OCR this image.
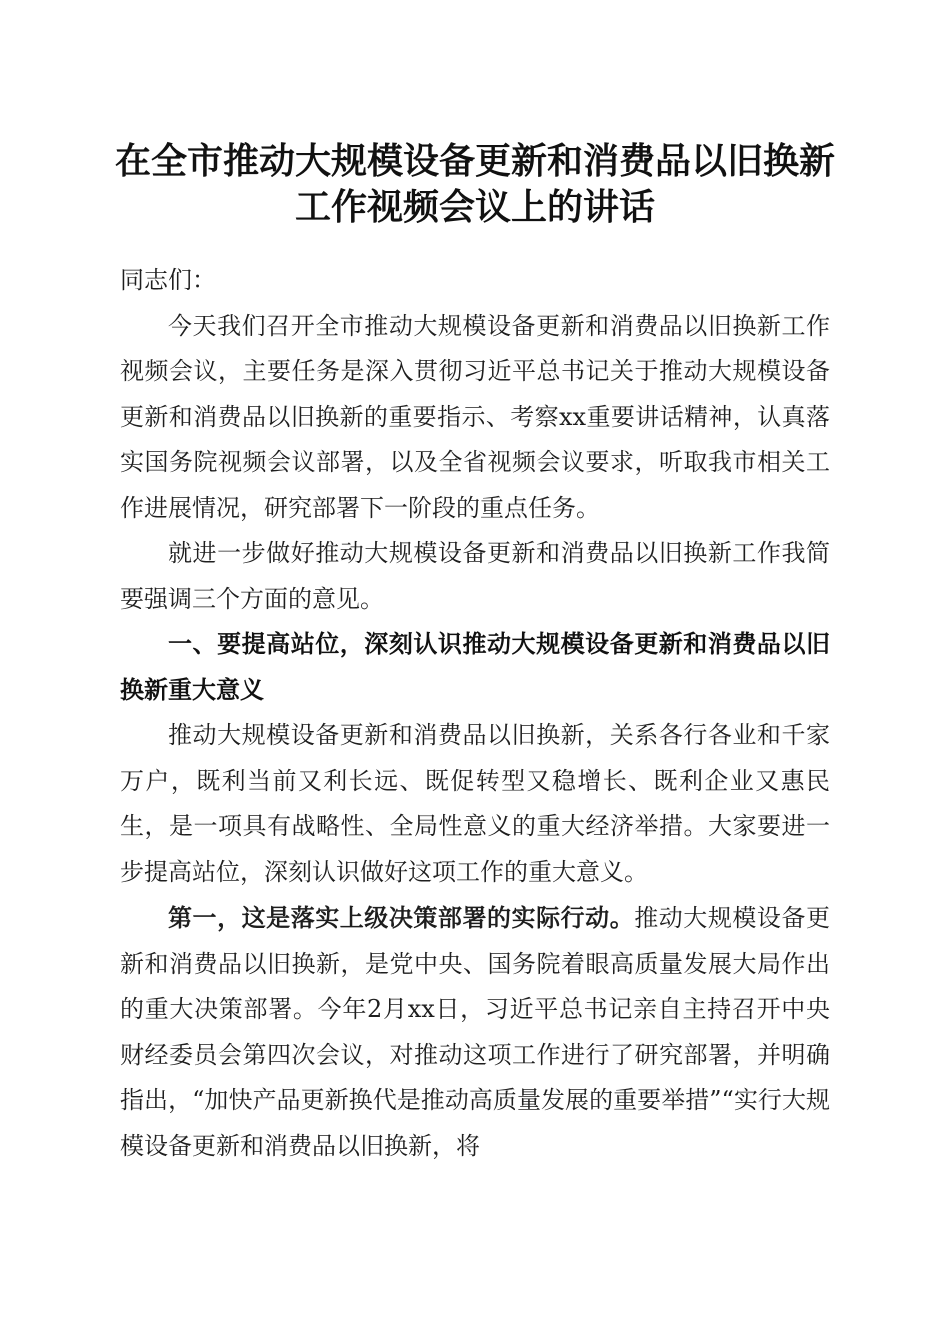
在全市推动大规模设备更新和消费品以旧换新
工作视频会议上的讲话

同志们：

今天我们召开全市推动大规模设备更新和消费品以旧换新工作视频会议，主要任务是深入贯彻习近平总书记关于推动大规模设备更新和消费品以旧换新的重要指示、考察xx重要讲话精神，认真落实国务院视频会议部署，以及全省视频会议要求，听取我市相关工作进展情况，研究部署下一阶段的重点任务。

就进一步做好推动大规模设备更新和消费品以旧换新工作我简要强调三个方面的意见。

一、要提高站位，深刻认识推动大规模设备更新和消费品以旧换新重大意义

推动大规模设备更新和消费品以旧换新，关系各行各业和千家万户，既利当前又利长远、既促转型又稳增长、既利企业又惠民生，是一项具有战略性、全局性意义的重大经济举措。大家要进一步提高站位，深刻认识做好这项工作的重大意义。

第一，这是落实上级决策部署的实际行动。推动大规模设备更新和消费品以旧换新，是党中央、国务院着眼高质量发展大局作出的重大决策部署。今年2月xx日，习近平总书记亲自主持召开中央财经委员会第四次会议，对推动这项工作进行了研究部署，并明确指出，“加快产品更新换代是推动高质量发展的重要举措”“实行大规模设备更新和消费品以旧换新，将
